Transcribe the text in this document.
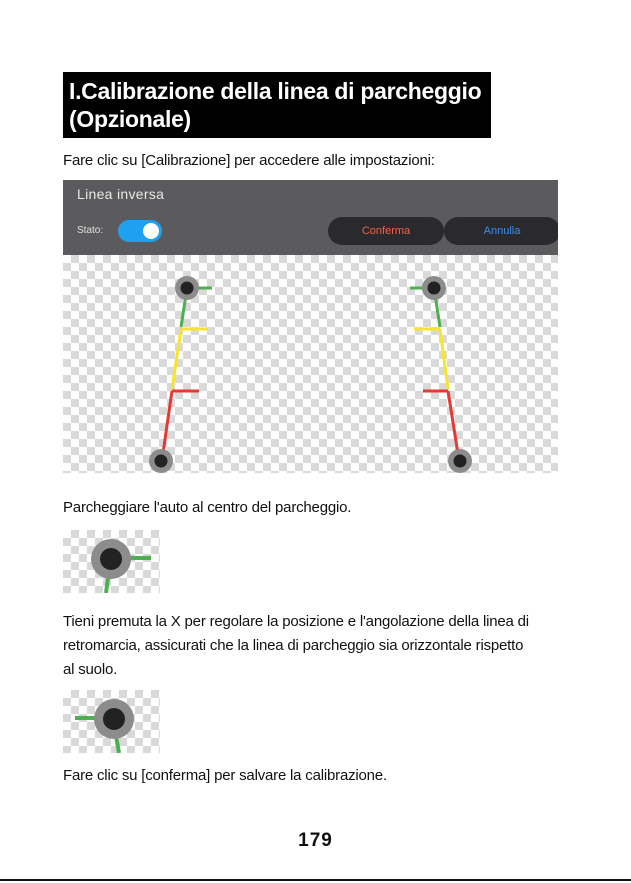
I.Calibrazione della linea di parcheggio
(Opzionale)

Fare clic su [Calibrazione] per accedere alle impostazioni:

Linea inversa
Stato:	Conferma	Annulla

Parcheggiare l'auto al centro del parcheggio.

Tieni premuta la X per regolare la posizione e l'angolazione della linea di

retromarcia, assicurati che la linea di parcheggio sia orizzontale rispetto

al suolo.

Fare clic su [conferma] per salvare la calibrazione.

179
